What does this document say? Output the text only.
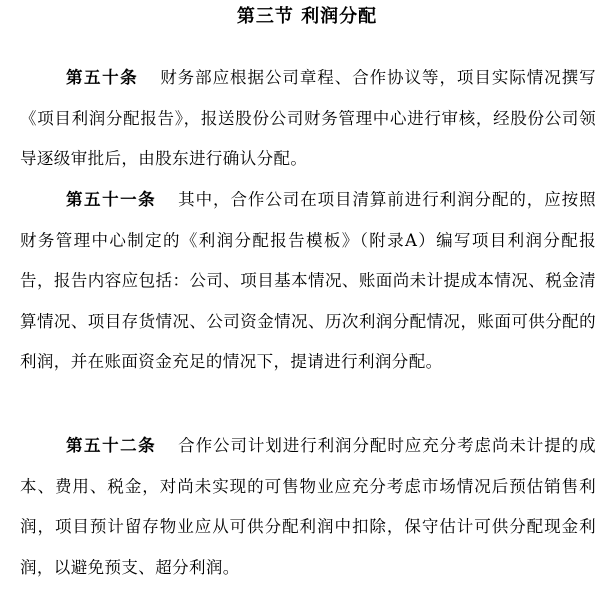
第三节 利润分配

第五十条 财务部应根据公司章程、合作协议等，项目实际情况撰写《项目利润分配报告》，报送股份公司财务管理中心进行审核，经股份公司领导逐级审批后，由股东进行确认分配。

第五十一条 其中，合作公司在项目清算前进行利润分配的，应按照财务管理中心制定的《利润分配报告模板》（附录A）编写项目利润分配报告，报告内容应包括：公司、项目基本情况、账面尚未计提成本情况、税金清算情况、项目存货情况、公司资金情况、历次利润分配情况，账面可供分配的利润，并在账面资金充足的情况下，提请进行利润分配。

第五十二条 合作公司计划进行利润分配时应充分考虑尚未计提的成本、费用、税金，对尚未实现的可售物业应充分考虑市场情况后预估销售利润，项目预计留存物业应从可供分配利润中扣除，保守估计可供分配现金利润，以避免预支、超分利润。
